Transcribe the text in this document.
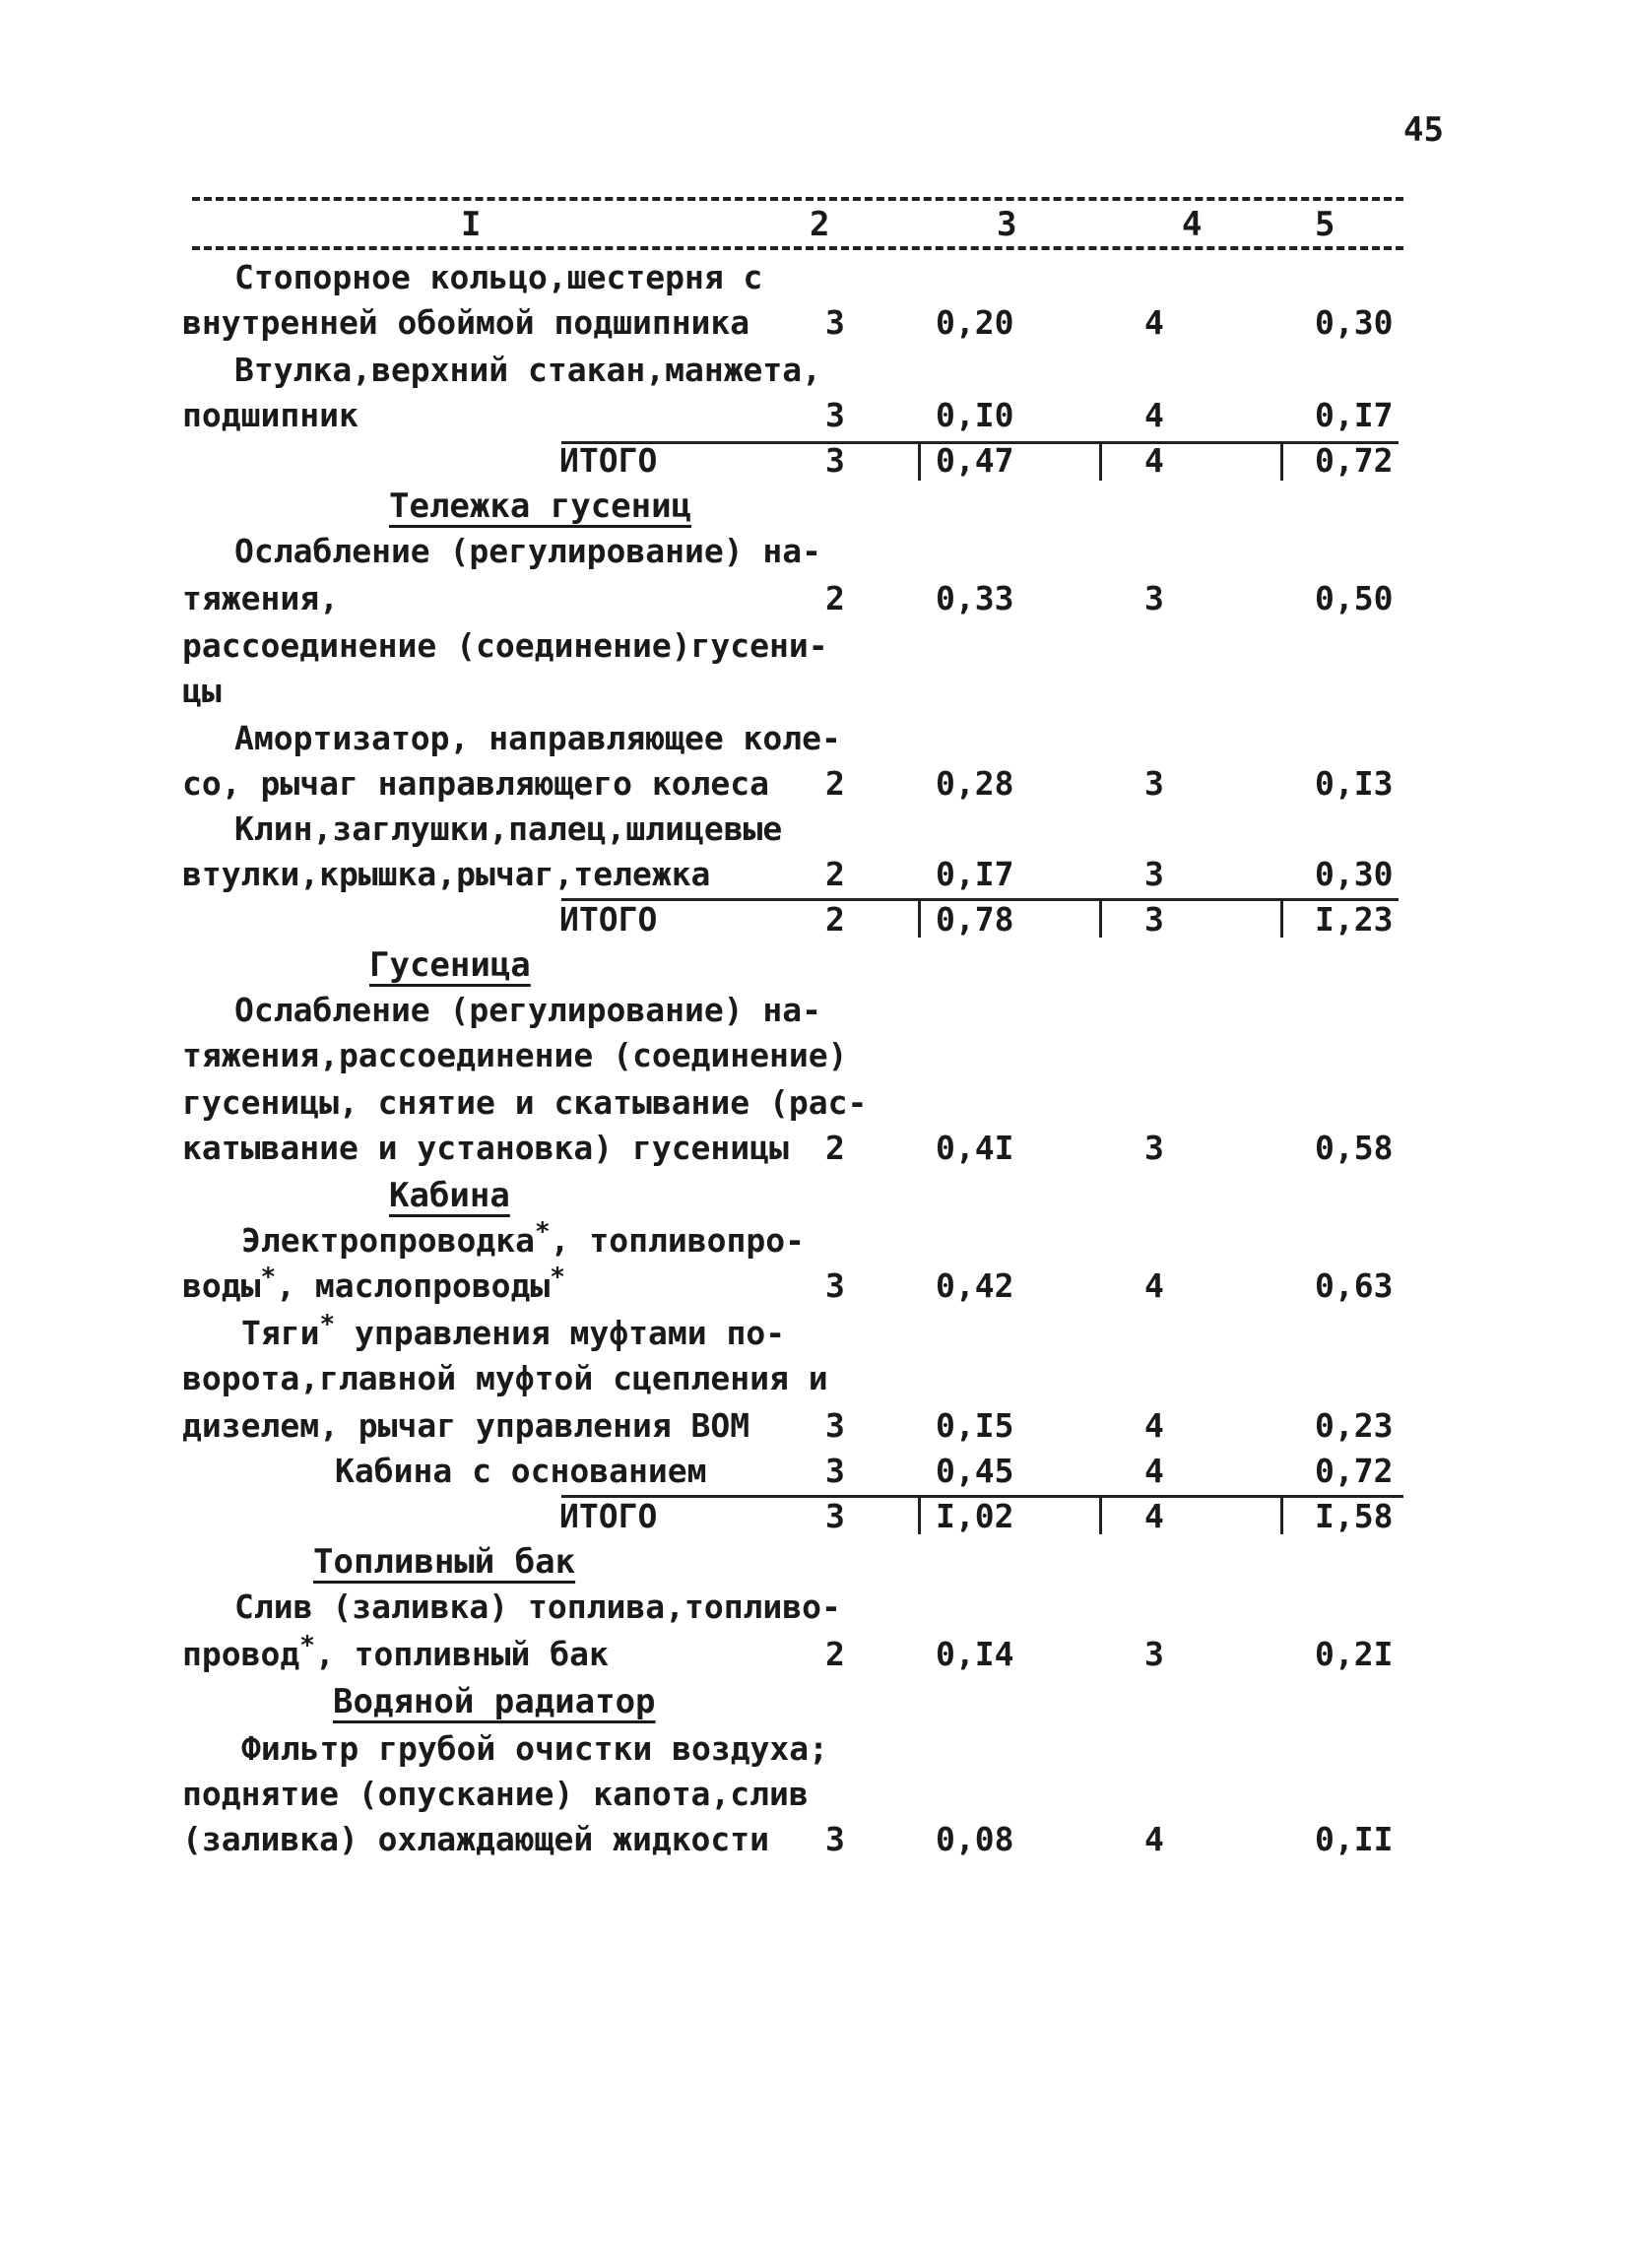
45
I	2	3	4	5
Стопорное кольцо,шестерня с
внутренней обоймой подшипника 3	0,20	4	0,30
Втулка,верхний стакан,манжета,
подшипник	3	0,I0	4	0,I7
ИТОГО	3	0,47	4	0,72
Тележка гусениц
Ослабление (регулирование) на-
тяжения,	2	0,33	3	0,50
рассоединение (соединение)гусени-
цы
Амортизатор, направляющее коле-
со, рычаг направляющего колеса 2	0,28	3	0,I3
Клин,заглушки,палец,шлицевые
втулки,крышка,рычаг,тележка	2	0,I7	3	0,30
ИТОГО	2	0,78	3	I,23
Гусеница
Ослабление (регулирование) на-
тяжения,рассоединение (соединение)
гусеницы, снятие и скатывание (рас-
катывание и установка) гусеницы 2	0,4I	3	0,58
Кабина
Электропроводка*, топливопро-
воды*, маслопроводы*	3	0,42	4	0,63
Тяги* управления муфтами по-
ворота,главной муфтой сцепления и
дизелем, рычаг управления ВОМ 3	0,I5	4	0,23
Кабина с основанием	3	0,45	4	0,72
ИТОГО	3	I,02	4	I,58
Топливный бак
Слив (заливка) топлива,топливо-
провод*, топливный бак	2	0,I4	3	0,2I
Водяной радиатор
Фильтр грубой очистки воздуха;
поднятие (опускание) капота,слив
(заливка) охлаждающей жидкости 3	0,08	4	0,II
